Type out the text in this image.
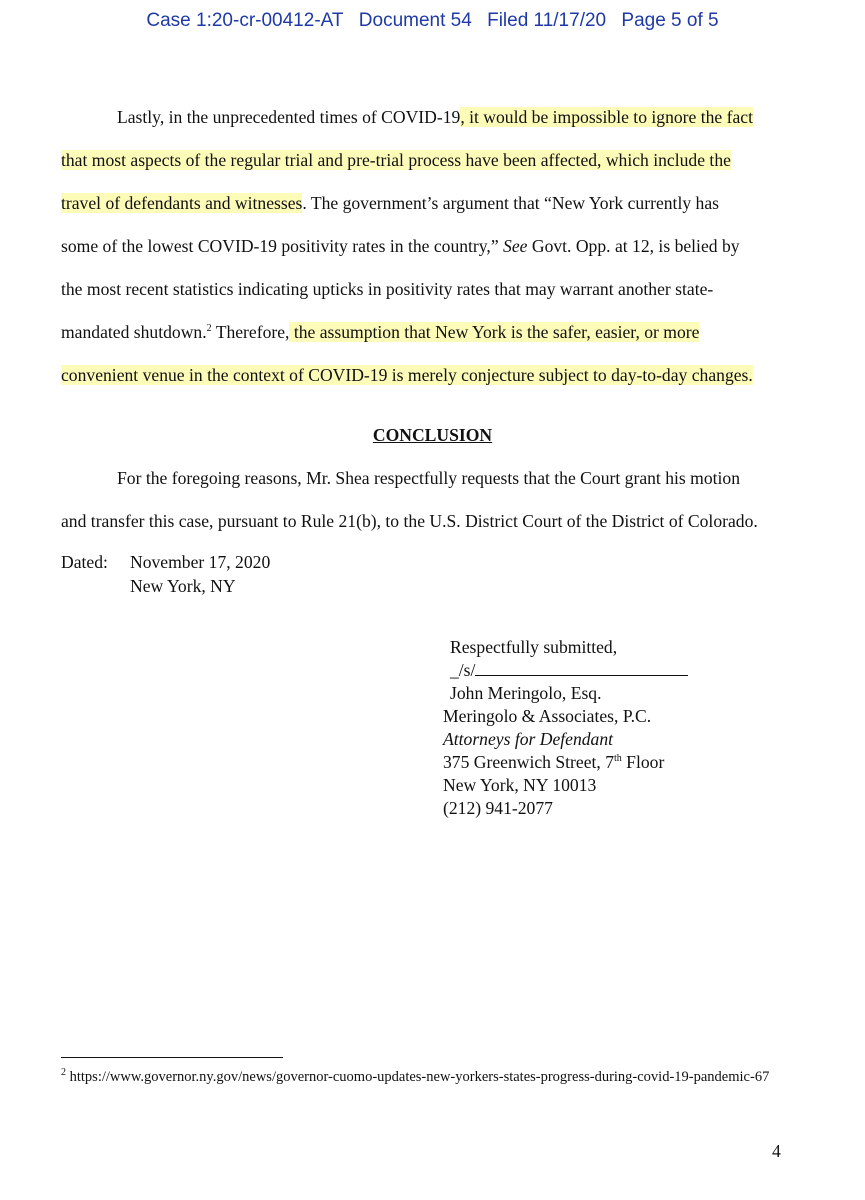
Case 1:20-cr-00412-AT Document 54 Filed 11/17/20 Page 5 of 5
Lastly, in the unprecedented times of COVID-19, it would be impossible to ignore the fact
that most aspects of the regular trial and pre-trial process have been affected, which include the
travel of defendants and witnesses. The government’s argument that “New York currently has
some of the lowest COVID-19 positivity rates in the country,” See Govt. Opp. at 12, is belied by
the most recent statistics indicating upticks in positivity rates that may warrant another state-
mandated shutdown.$^2$ Therefore, the assumption that New York is the safer, easier, or more
convenient venue in the context of COVID-19 is merely conjecture subject to day-to-day changes.
CONCLUSION
For the foregoing reasons, Mr. Shea respectfully requests that the Court grant his motion
and transfer this case, pursuant to Rule 21(b), to the U.S. District Court of the District of Colorado.
Dated: November 17, 2020
New York, NY
Respectfully submitted,
_/s/
John Meringolo, Esq.
Meringolo & Associates, P.C.
Attorneys for Defendant
375 Greenwich Street, 7th Floor
New York, NY 10013
(212) 941-2077
$^2$ https://www.governor.ny.gov/news/governor-cuomo-updates-new-yorkers-states-progress-during-covid-19-pandemic-67
4
